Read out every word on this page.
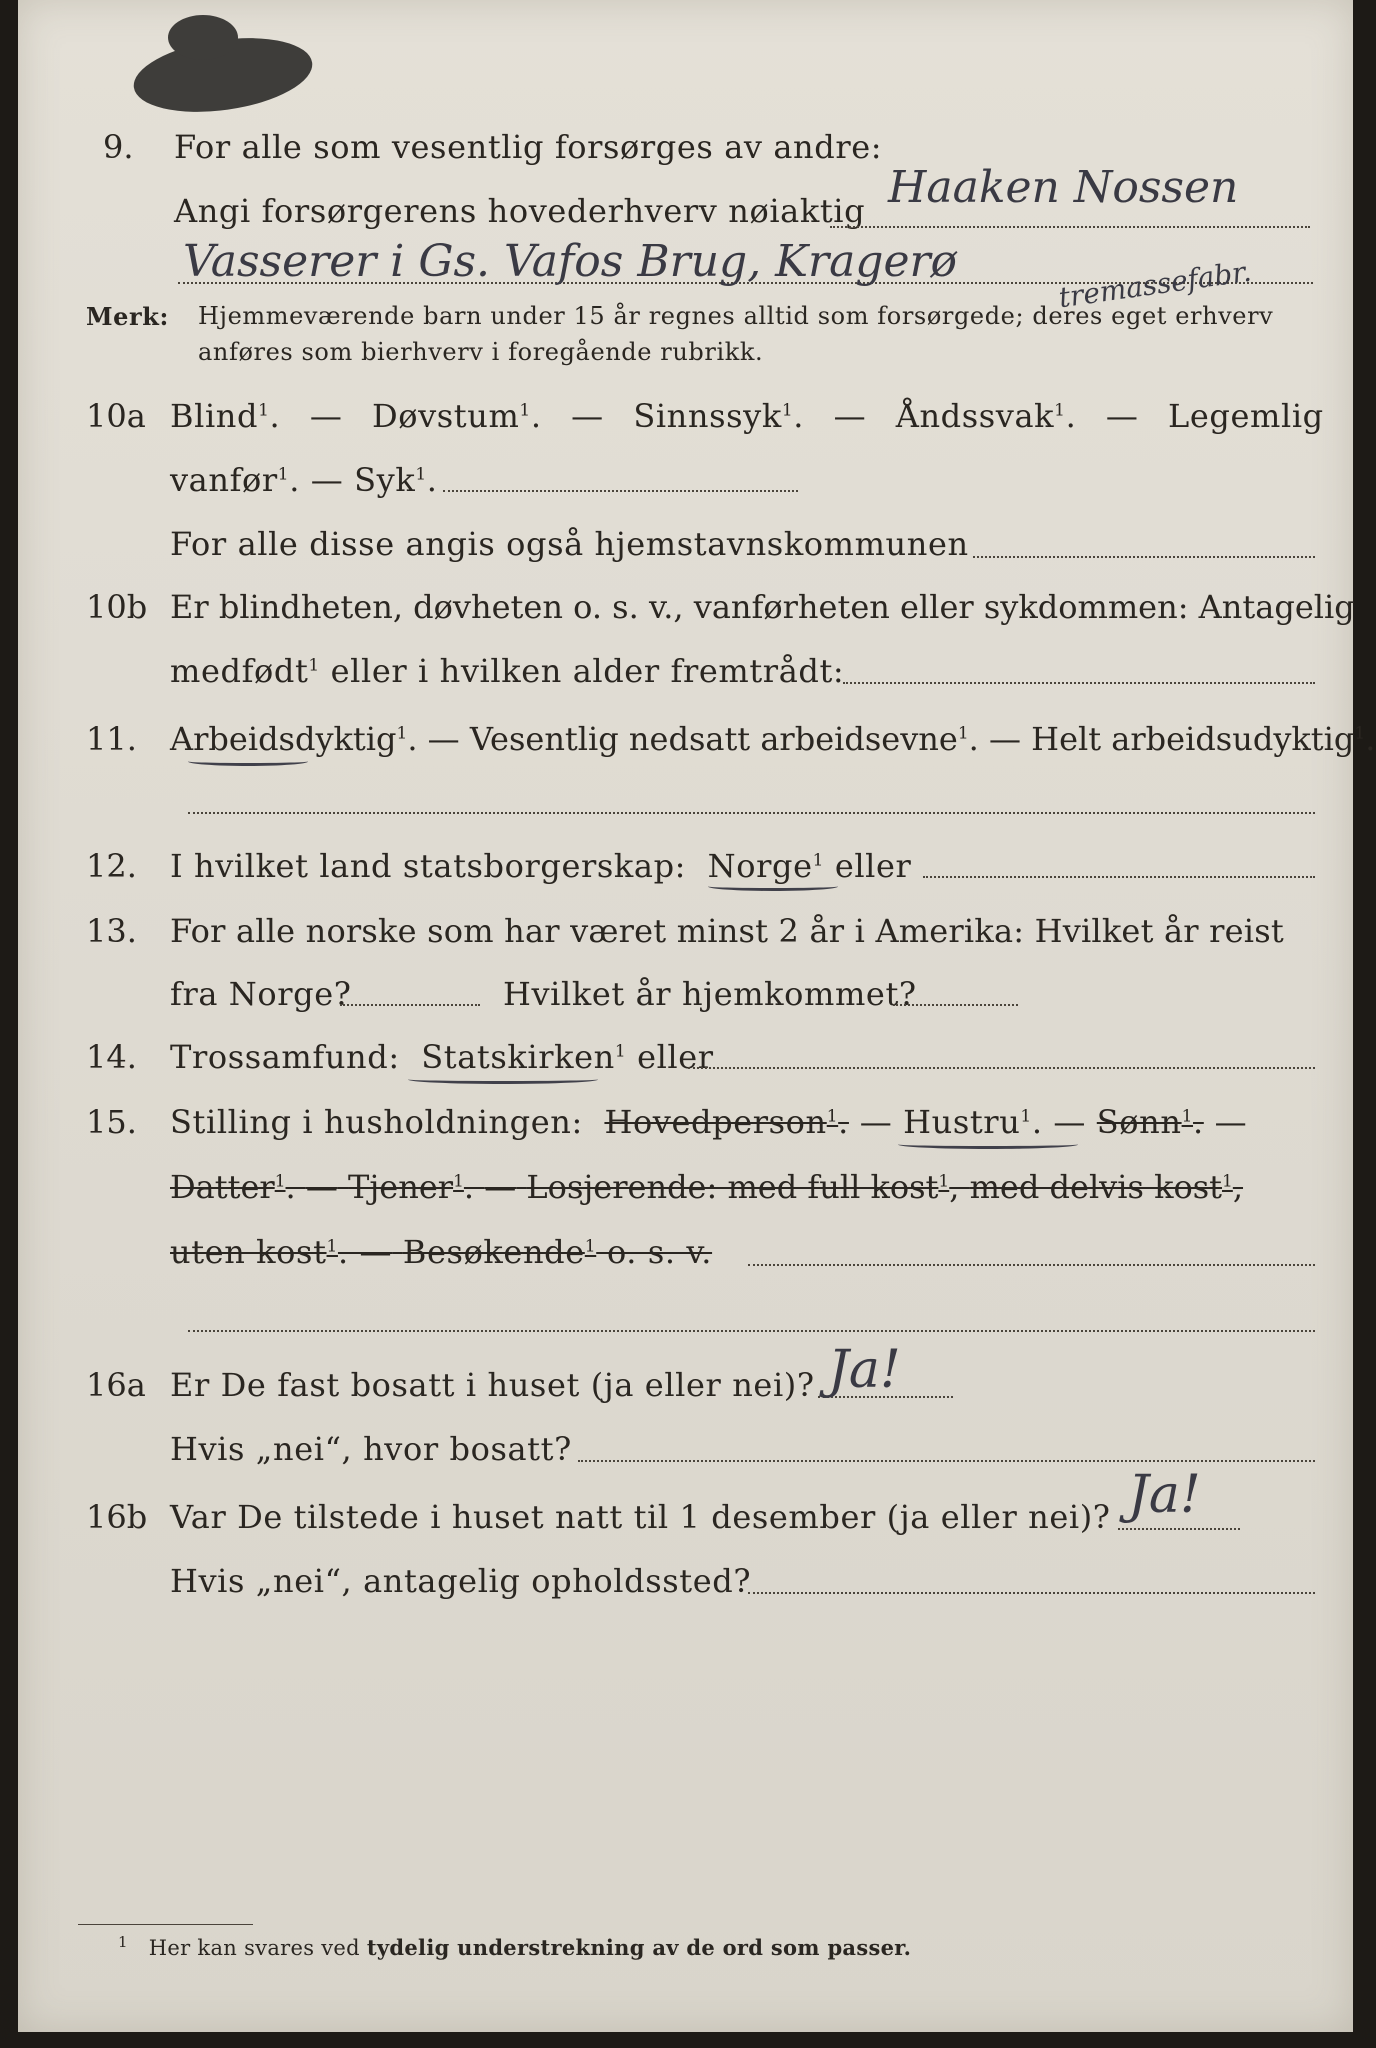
9. For alle som vesentlig forsørges av andre:
Angi forsørgerens hovederhverv nøiaktig Haaken Nossen
Vasserer i Gs. Vafos Brug, Kragerø	tremassefabr.
Merk: Hjemmeværende barn under 15 år regnes alltid som forsørgede; deres eget erhverv
anføres som bierhverv i foregående rubrikk.
10a Blind$^1$.  — Døvstum$^1$.  — Sinnssyk$^1$.  — Åndssvak$^1$.  — Legemlig
vanfør$^1$. — Syk$^1$.
For alle disse angis også hjemstavnskommunen
10b Er blindheten, døvheten o. s. v., vanførheten eller sykdommen: Antagelig
medfødt$^1$ eller i hvilken alder fremtrådt:
11. Arbeidsdyktig$^1$. — Vesentlig nedsatt arbeidsevne$^1$. — Helt arbeidsudyktig$^1$.
12. I hvilket land statsborgerskap: Norge$^1$ eller
13. For alle norske som har været minst 2 år i Amerika: Hvilket år reist
fra Norge?	Hvilket år hjemkommet?
14. Trossamfund: Statskirken$^1$ eller
15. Stilling i husholdningen: Hovedperson$^1$. — Hustru$^1$. — Sønn$^1$. —
Datter$^1$. — Tjener$^1$. — Losjerende: med full kost$^1$, med delvis kost$^1$,
uten kost$^1$. — Besøkende$^1$ o. s. v.
16a Er De fast bosatt i huset (ja eller nei)? Ja!
Hvis „nei“, hvor bosatt?
16b Var De tilstede i huset natt til 1 desember (ja eller nei)? Ja!
Hvis „nei“, antagelig opholdssted?
$^1$ Her kan svares ved tydelig understrekning av de ord som passer.
